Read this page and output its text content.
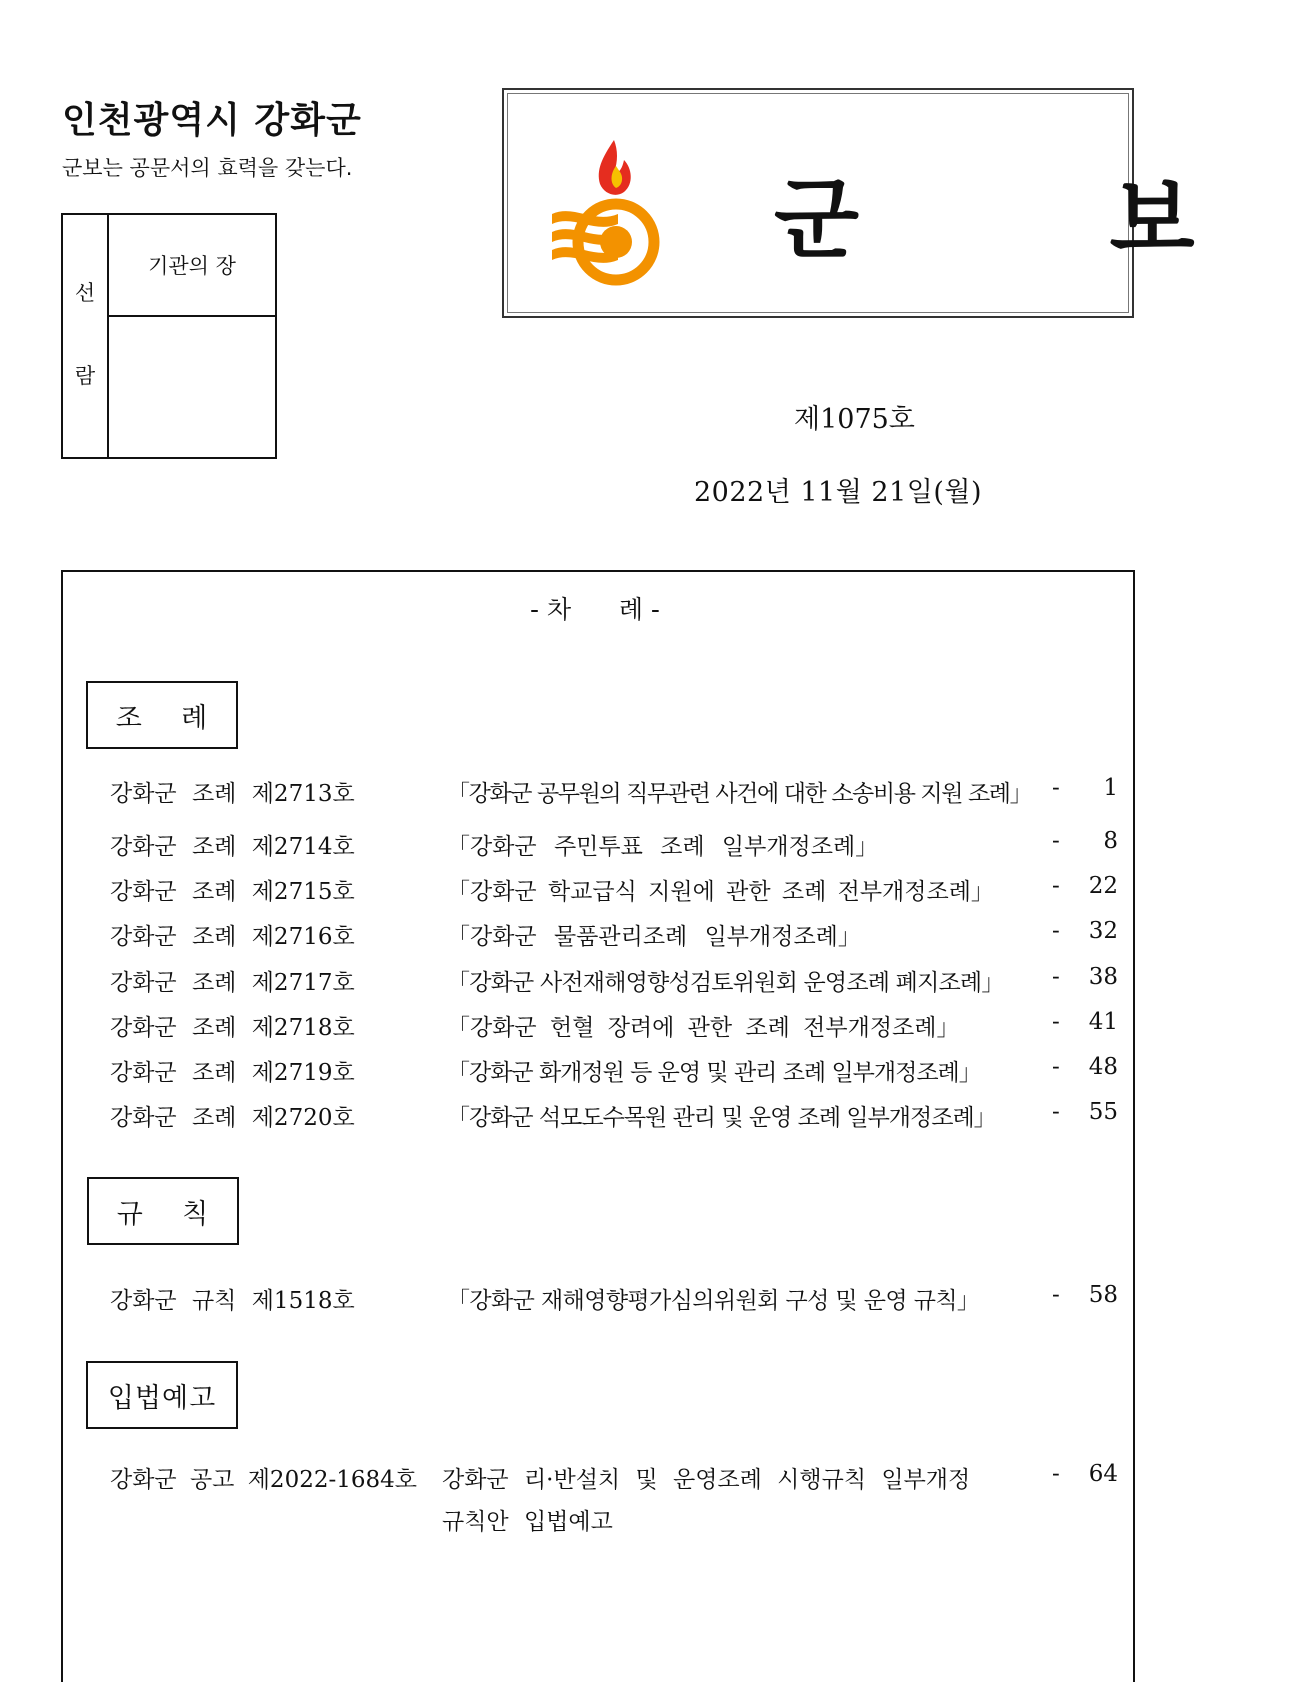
인천광역시 강화군
군보는 공문서의 효력을 갖는다.
선
람
기관의 장	군 보
제1075호
2022년 11월 21일(월)
- 차      례 -
조    례
강화군 조례 제2713호	「강화군 공무원의 직무관련 사건에 대한 소송비용 지원 조례」 - 1
강화군 조례 제2714호	「강화군 주민투표 조례 일부개정조례」	- 8
강화군 조례 제2715호	「강화군 학교급식 지원에 관한 조례 전부개정조례」	- 22
강화군 조례 제2716호	「강화군 물품관리조례 일부개정조례」	- 32
강화군 조례 제2717호	「강화군 사전재해영향성검토위원회 운영조례 폐지조례」	- 38
강화군 조례 제2718호	「강화군 헌혈 장려에 관한 조례 전부개정조례」	- 41
강화군 조례 제2719호	「강화군 화개정원 등 운영 및 관리 조례 일부개정조례」	- 48
강화군 조례 제2720호	「강화군 석모도수목원 관리 및 운영 조례 일부개정조례」	- 55
규    칙
강화군 규칙 제1518호	「강화군 재해영향평가심의위원회 구성 및 운영 규칙」	- 58
입법예고
강화군 공고 제2022-1684호 강화군 리·반설치 및 운영조례 시행규칙 일부개정
규칙안 입법예고
- 64
